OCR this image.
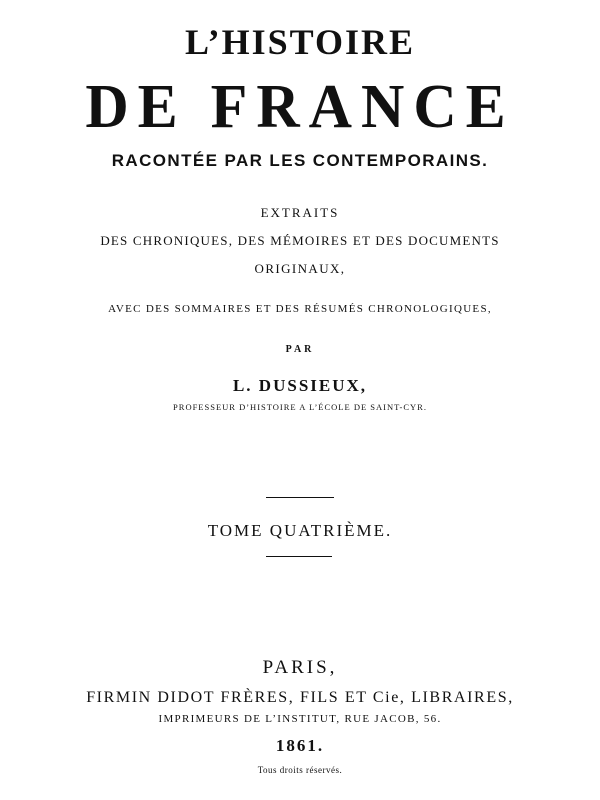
L’HISTOIRE
DE FRANCE
RACONTÉE PAR LES CONTEMPORAINS.
EXTRAITS
DES CHRONIQUES, DES MÉMOIRES ET DES DOCUMENTS
ORIGINAUX,
AVEC DES SOMMAIRES ET DES RÉSUMÉS CHRONOLOGIQUES,
PAR
L. DUSSIEUX,
PROFESSEUR D’HISTOIRE A L’ÉCOLE DE SAINT-CYR.
TOME QUATRIÈME.
PARIS,
FIRMIN DIDOT FRÈRES, FILS ET Cie, LIBRAIRES,
IMPRIMEURS DE L’INSTITUT, RUE JACOB, 56.
1861.
Tous droits réservés.
